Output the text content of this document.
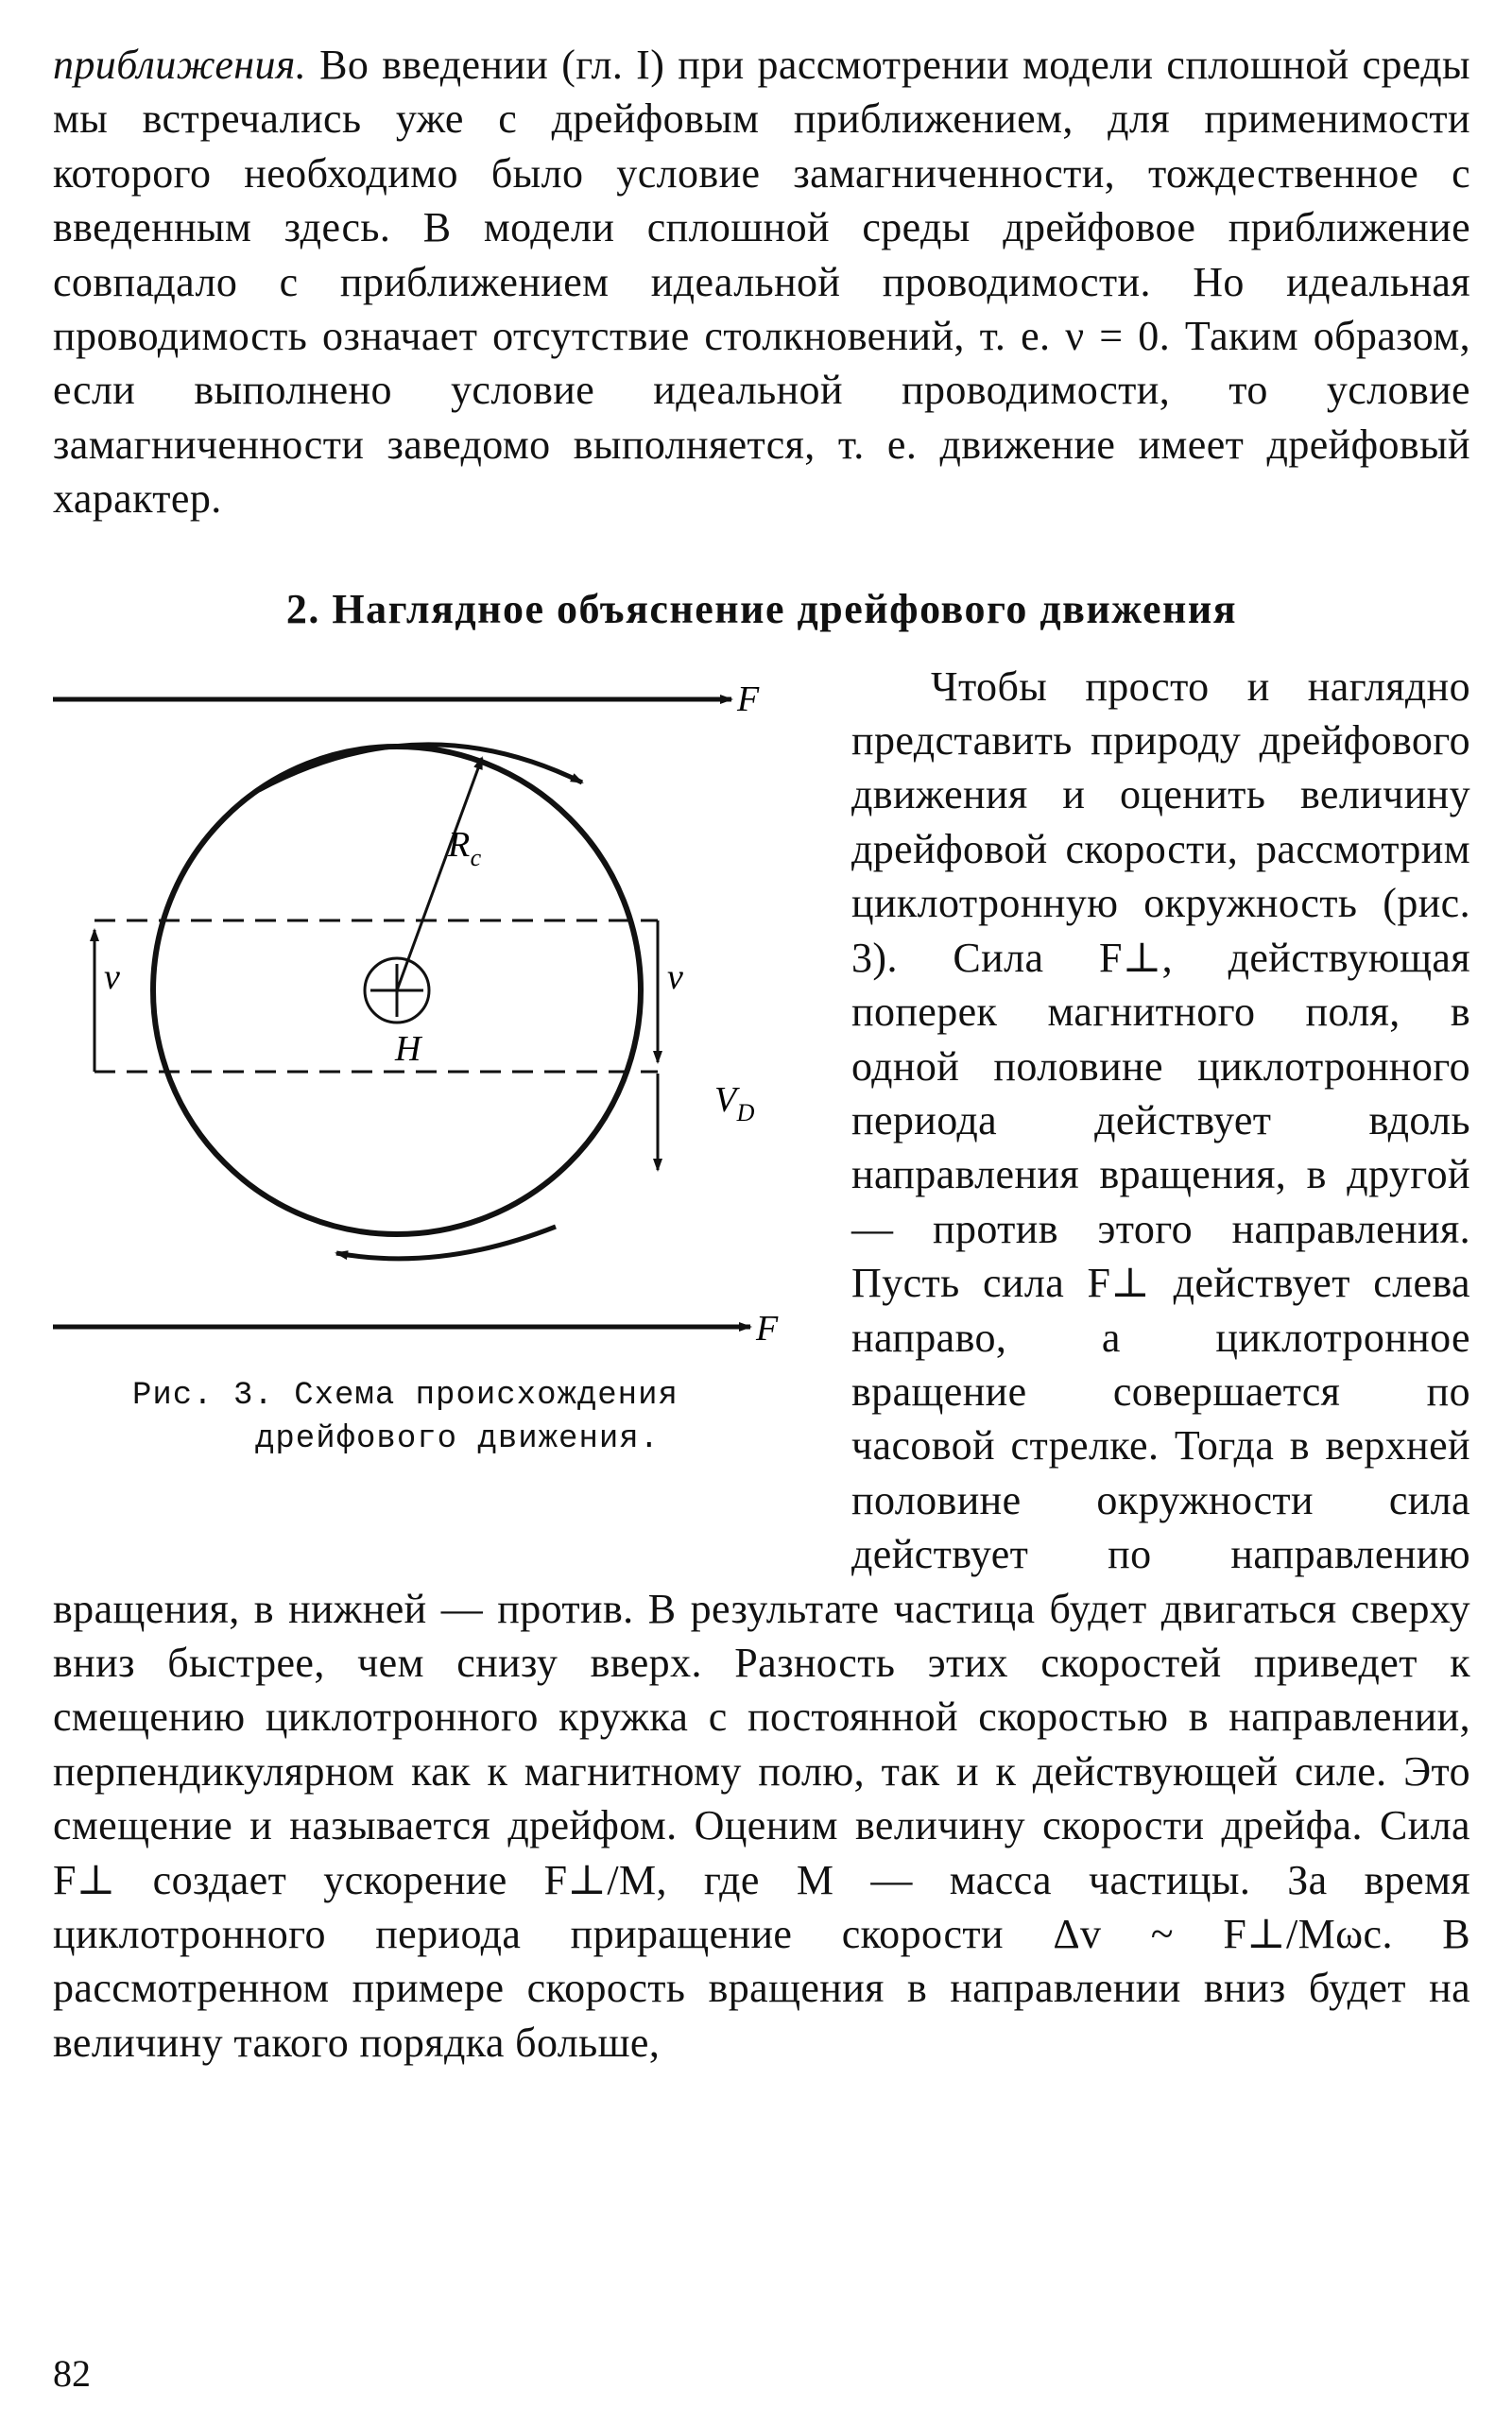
приближения. Во введении (гл. I) при рассмотрении модели сплошной среды мы встречались уже с дрейфовым приближением, для применимости которого необходимо было условие замагниченности, тождественное с введенным здесь. В модели сплошной среды дрейфовое приближение совпадало с приближением идеальной проводимости. Но идеальная проводимость означает отсутствие столкновений, т. е. ν = 0. Таким образом, если выполнено условие идеальной проводимости, то условие замагниченности заведомо выполняется, т. е. движение имеет дрейфовый характер.

2. Наглядное объяснение дрейфового движения
F
v	v
$V_D$
$R_c$
H
F
Рис. 3. Схема происхождения
дрейфового движения.
Чтобы просто и наглядно представить природу дрейфового движения и оценить величину дрейфовой скорости, рассмотрим циклотронную окружность (рис. 3). Сила F⊥, действующая поперек магнитного поля, в одной половине циклотронного периода действует вдоль направления вращения, в другой — против этого направления. Пусть сила F⊥ действует слева направо, а циклотронное вращение совершается по часовой стрелке. Тогда в верхней половине окружности сила действует по направлению вращения, в нижней — против. В результате частица будет двигаться сверху вниз быстрее, чем снизу вверх. Разность этих скоростей приведет к смещению циклотронного кружка с постоянной скоростью в направлении, перпендикулярном как к магнитному полю, так и к действующей силе. Это смещение и называется дрейфом. Оценим величину скорости дрейфа. Сила F⊥ создает ускорение F⊥/M, где M — масса частицы. За время циклотронного периода приращение скорости Δv ~ F⊥/Mωc. В рассмотренном примере скорость вращения в направлении вниз будет на величину такого порядка больше,
82
